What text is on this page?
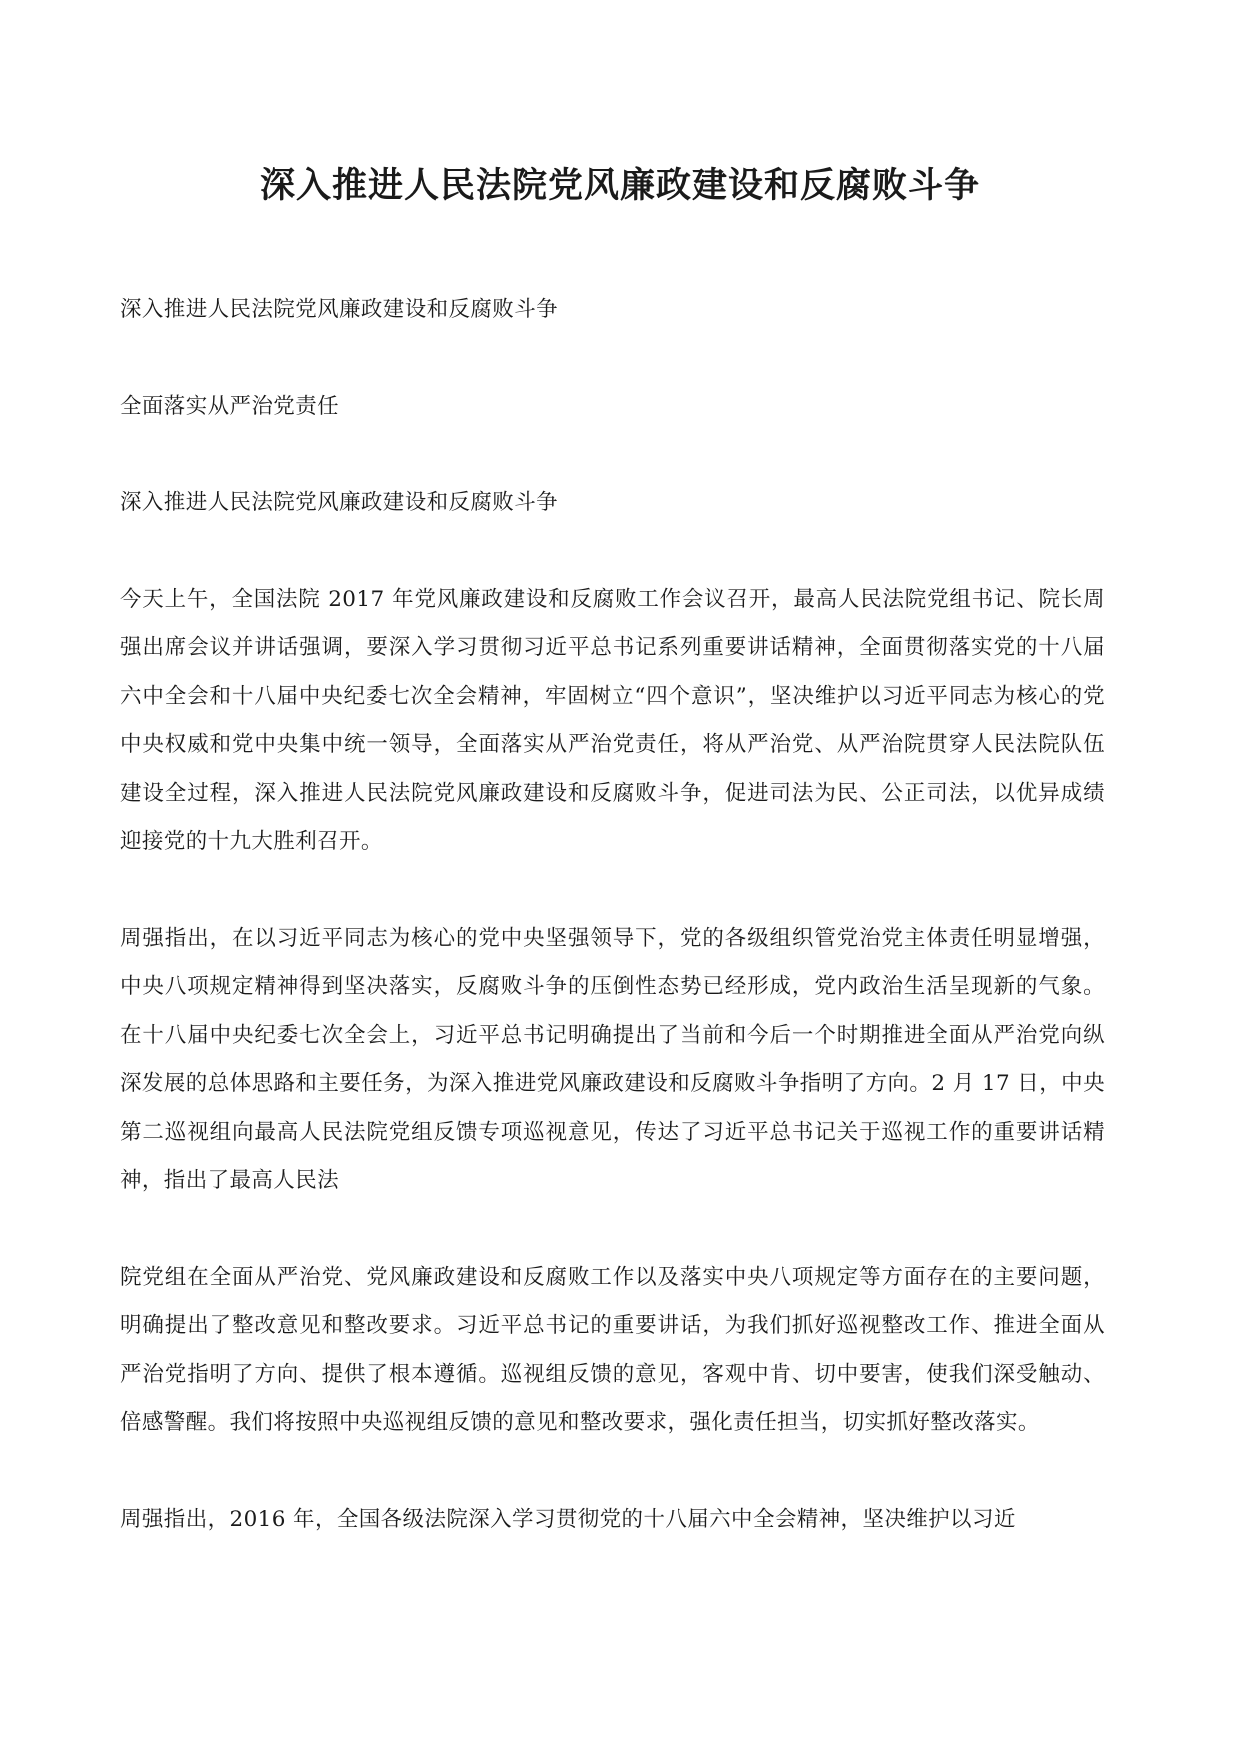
深入推进人民法院党风廉政建设和反腐败斗争

深入推进人民法院党风廉政建设和反腐败斗争

全面落实从严治党责任

深入推进人民法院党风廉政建设和反腐败斗争

今天上午，全国法院 2017 年党风廉政建设和反腐败工作会议召开，最高人民法院党组书记、院长周强出席会议并讲话强调，要深入学习贯彻习近平总书记系列重要讲话精神，全面贯彻落实党的十八届六中全会和十八届中央纪委七次全会精神，牢固树立“四个意识”，坚决维护以习近平同志为核心的党中央权威和党中央集中统一领导，全面落实从严治党责任，将从严治党、从严治院贯穿人民法院队伍建设全过程，深入推进人民法院党风廉政建设和反腐败斗争，促进司法为民、公正司法，以优异成绩迎接党的十九大胜利召开。

周强指出，在以习近平同志为核心的党中央坚强领导下，党的各级组织管党治党主体责任明显增强，中央八项规定精神得到坚决落实，反腐败斗争的压倒性态势已经形成，党内政治生活呈现新的气象。在十八届中央纪委七次全会上，习近平总书记明确提出了当前和今后一个时期推进全面从严治党向纵深发展的总体思路和主要任务，为深入推进党风廉政建设和反腐败斗争指明了方向。2 月 17 日，中央第二巡视组向最高人民法院党组反馈专项巡视意见，传达了习近平总书记关于巡视工作的重要讲话精神，指出了最高人民法

院党组在全面从严治党、党风廉政建设和反腐败工作以及落实中央八项规定等方面存在的主要问题，明确提出了整改意见和整改要求。习近平总书记的重要讲话，为我们抓好巡视整改工作、推进全面从严治党指明了方向、提供了根本遵循。巡视组反馈的意见，客观中肯、切中要害，使我们深受触动、倍感警醒。我们将按照中央巡视组反馈的意见和整改要求，强化责任担当，切实抓好整改落实。

周强指出，2016 年，全国各级法院深入学习贯彻党的十八届六中全会精神，坚决维护以习近
